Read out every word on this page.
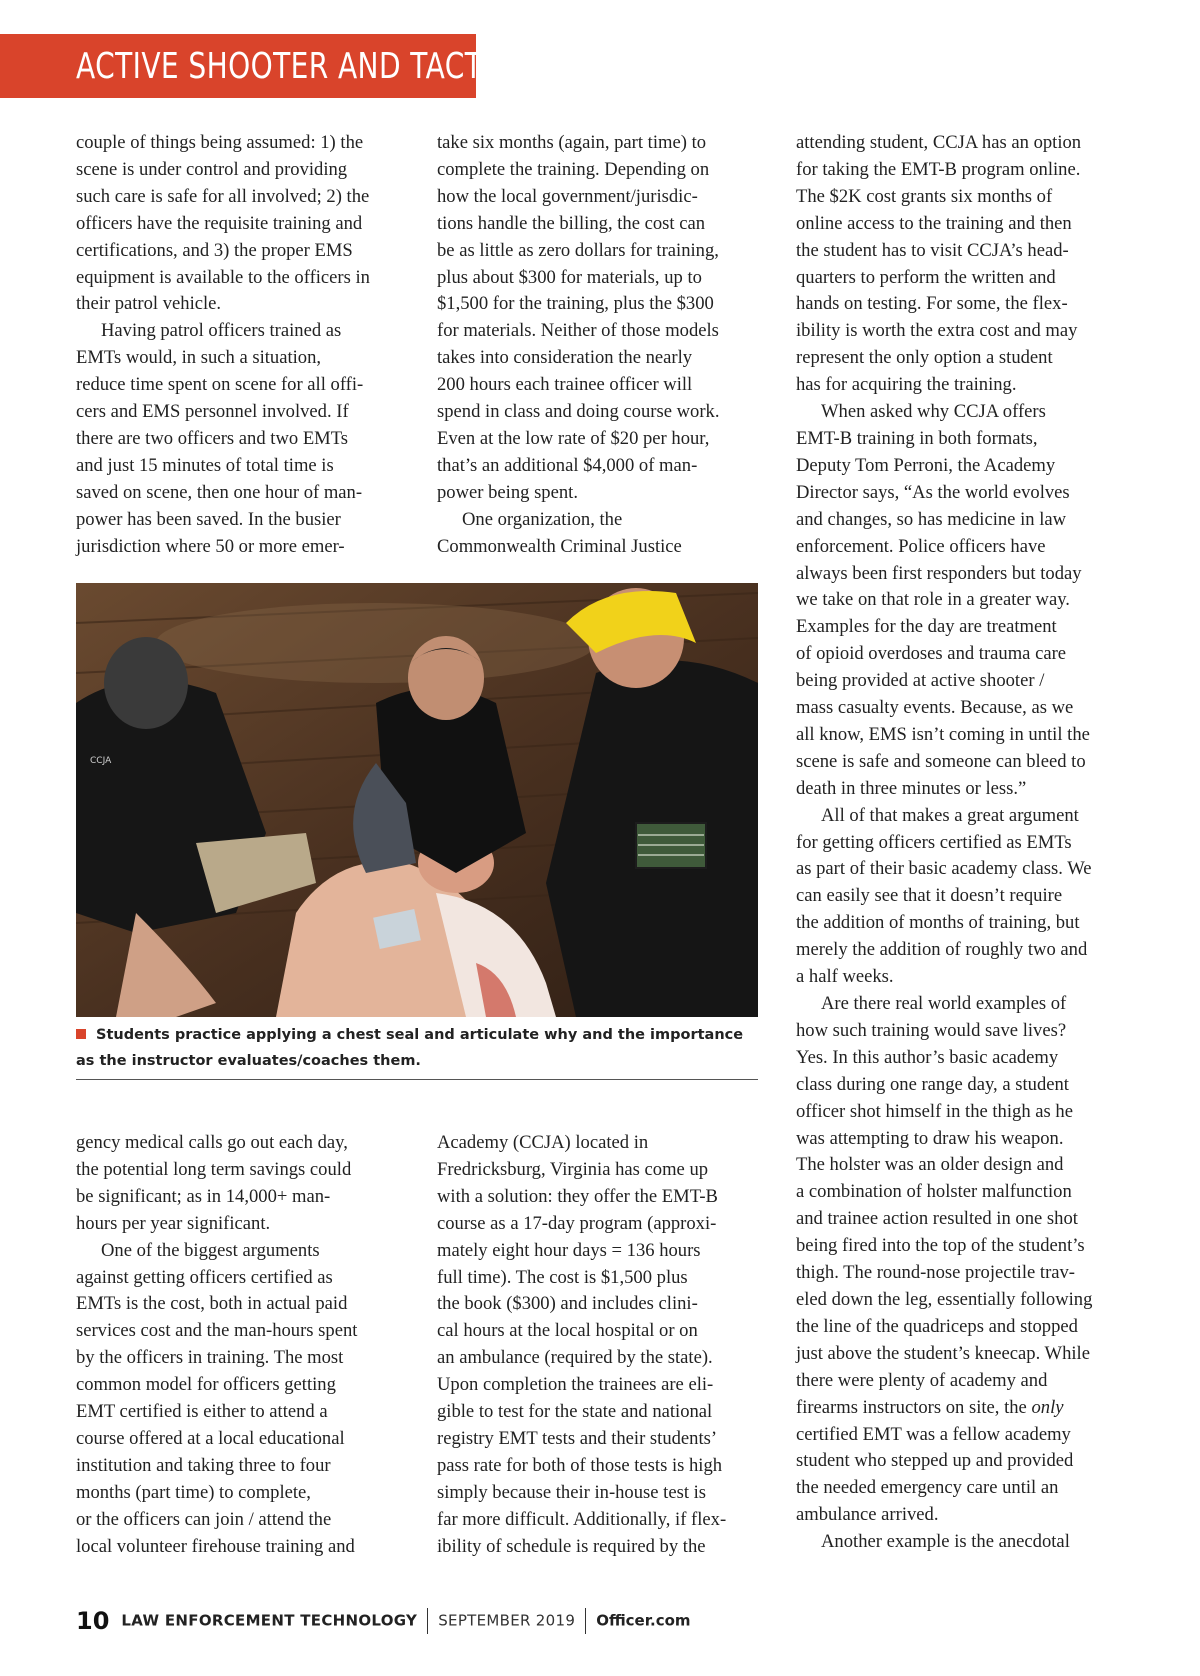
ACTIVE SHOOTER AND TACTICAL EMS

couple of things being assumed: 1) the

scene is under control and providing

such care is safe for all involved; 2) the

officers have the requisite training and

certifications, and 3) the proper EMS

equipment is available to the officers in

their patrol vehicle.

Having patrol officers trained as

EMTs would, in such a situation,

reduce time spent on scene for all offi-

cers and EMS personnel involved. If

there are two officers and two EMTs

and just 15 minutes of total time is

saved on scene, then one hour of man-

power has been saved. In the busier

jurisdiction where 50 or more emer-

take six months (again, part time) to

complete the training. Depending on

how the local government/jurisdic-

tions handle the billing, the cost can

be as little as zero dollars for training,

plus about $300 for materials, up to

$1,500 for the training, plus the $300

for materials. Neither of those models

takes into consideration the nearly

200 hours each trainee officer will

spend in class and doing course work.

Even at the low rate of $20 per hour,

that’s an additional $4,000 of man-

power being spent.

One organization, the

Commonwealth Criminal Justice

attending student, CCJA has an option

for taking the EMT-B program online.

The $2K cost grants six months of

online access to the training and then

the student has to visit CCJA’s head-

quarters to perform the written and

hands on testing. For some, the flex-

ibility is worth the extra cost and may

represent the only option a student

has for acquiring the training.

When asked why CCJA offers

EMT-B training in both formats,

Deputy Tom Perroni, the Academy

Director says, “As the world evolves

and changes, so has medicine in law

enforcement. Police officers have

always been first responders but today

we take on that role in a greater way.

Examples for the day are treatment

of opioid overdoses and trauma care

being provided at active shooter /

mass casualty events. Because, as we

all know, EMS isn’t coming in until the

scene is safe and someone can bleed to

death in three minutes or less.”

All of that makes a great argument

for getting officers certified as EMTs

as part of their basic academy class. We

can easily see that it doesn’t require

the addition of months of training, but

merely the addition of roughly two and

a half weeks.

Are there real world examples of

how such training would save lives?

Yes. In this author’s basic academy

class during one range day, a student

officer shot himself in the thigh as he

was attempting to draw his weapon.

The holster was an older design and

a combination of holster malfunction

and trainee action resulted in one shot

being fired into the top of the student’s

thigh. The round-nose projectile trav-

eled down the leg, essentially following

the line of the quadriceps and stopped

just above the student’s kneecap. While

there were plenty of academy and

firearms instructors on site, the only

certified EMT was a fellow academy

student who stepped up and provided

the needed emergency care until an

ambulance arrived.

Another example is the anecdotal

CCJA
Students practice applying a chest seal and articulate why and the importance as the instructor evaluates/coaches them.

gency medical calls go out each day,

the potential long term savings could

be significant; as in 14,000+ man-

hours per year significant.

One of the biggest arguments

against getting officers certified as

EMTs is the cost, both in actual paid

services cost and the man-hours spent

by the officers in training. The most

common model for officers getting

EMT certified is either to attend a

course offered at a local educational

institution and taking three to four

months (part time) to complete,

or the officers can join / attend the

local volunteer firehouse training and

Academy (CCJA) located in

Fredricksburg, Virginia has come up

with a solution: they offer the EMT-B

course as a 17-day program (approxi-

mately eight hour days = 136 hours

full time). The cost is $1,500 plus

the book ($300) and includes clini-

cal hours at the local hospital or on

an ambulance (required by the state).

Upon completion the trainees are eli-

gible to test for the state and national

registry EMT tests and their students’

pass rate for both of those tests is high

simply because their in-house test is

far more difficult. Additionally, if flex-

ibility of schedule is required by the

10 LAW ENFORCEMENT TECHNOLOGY SEPTEMBER 2019 Officer.com
